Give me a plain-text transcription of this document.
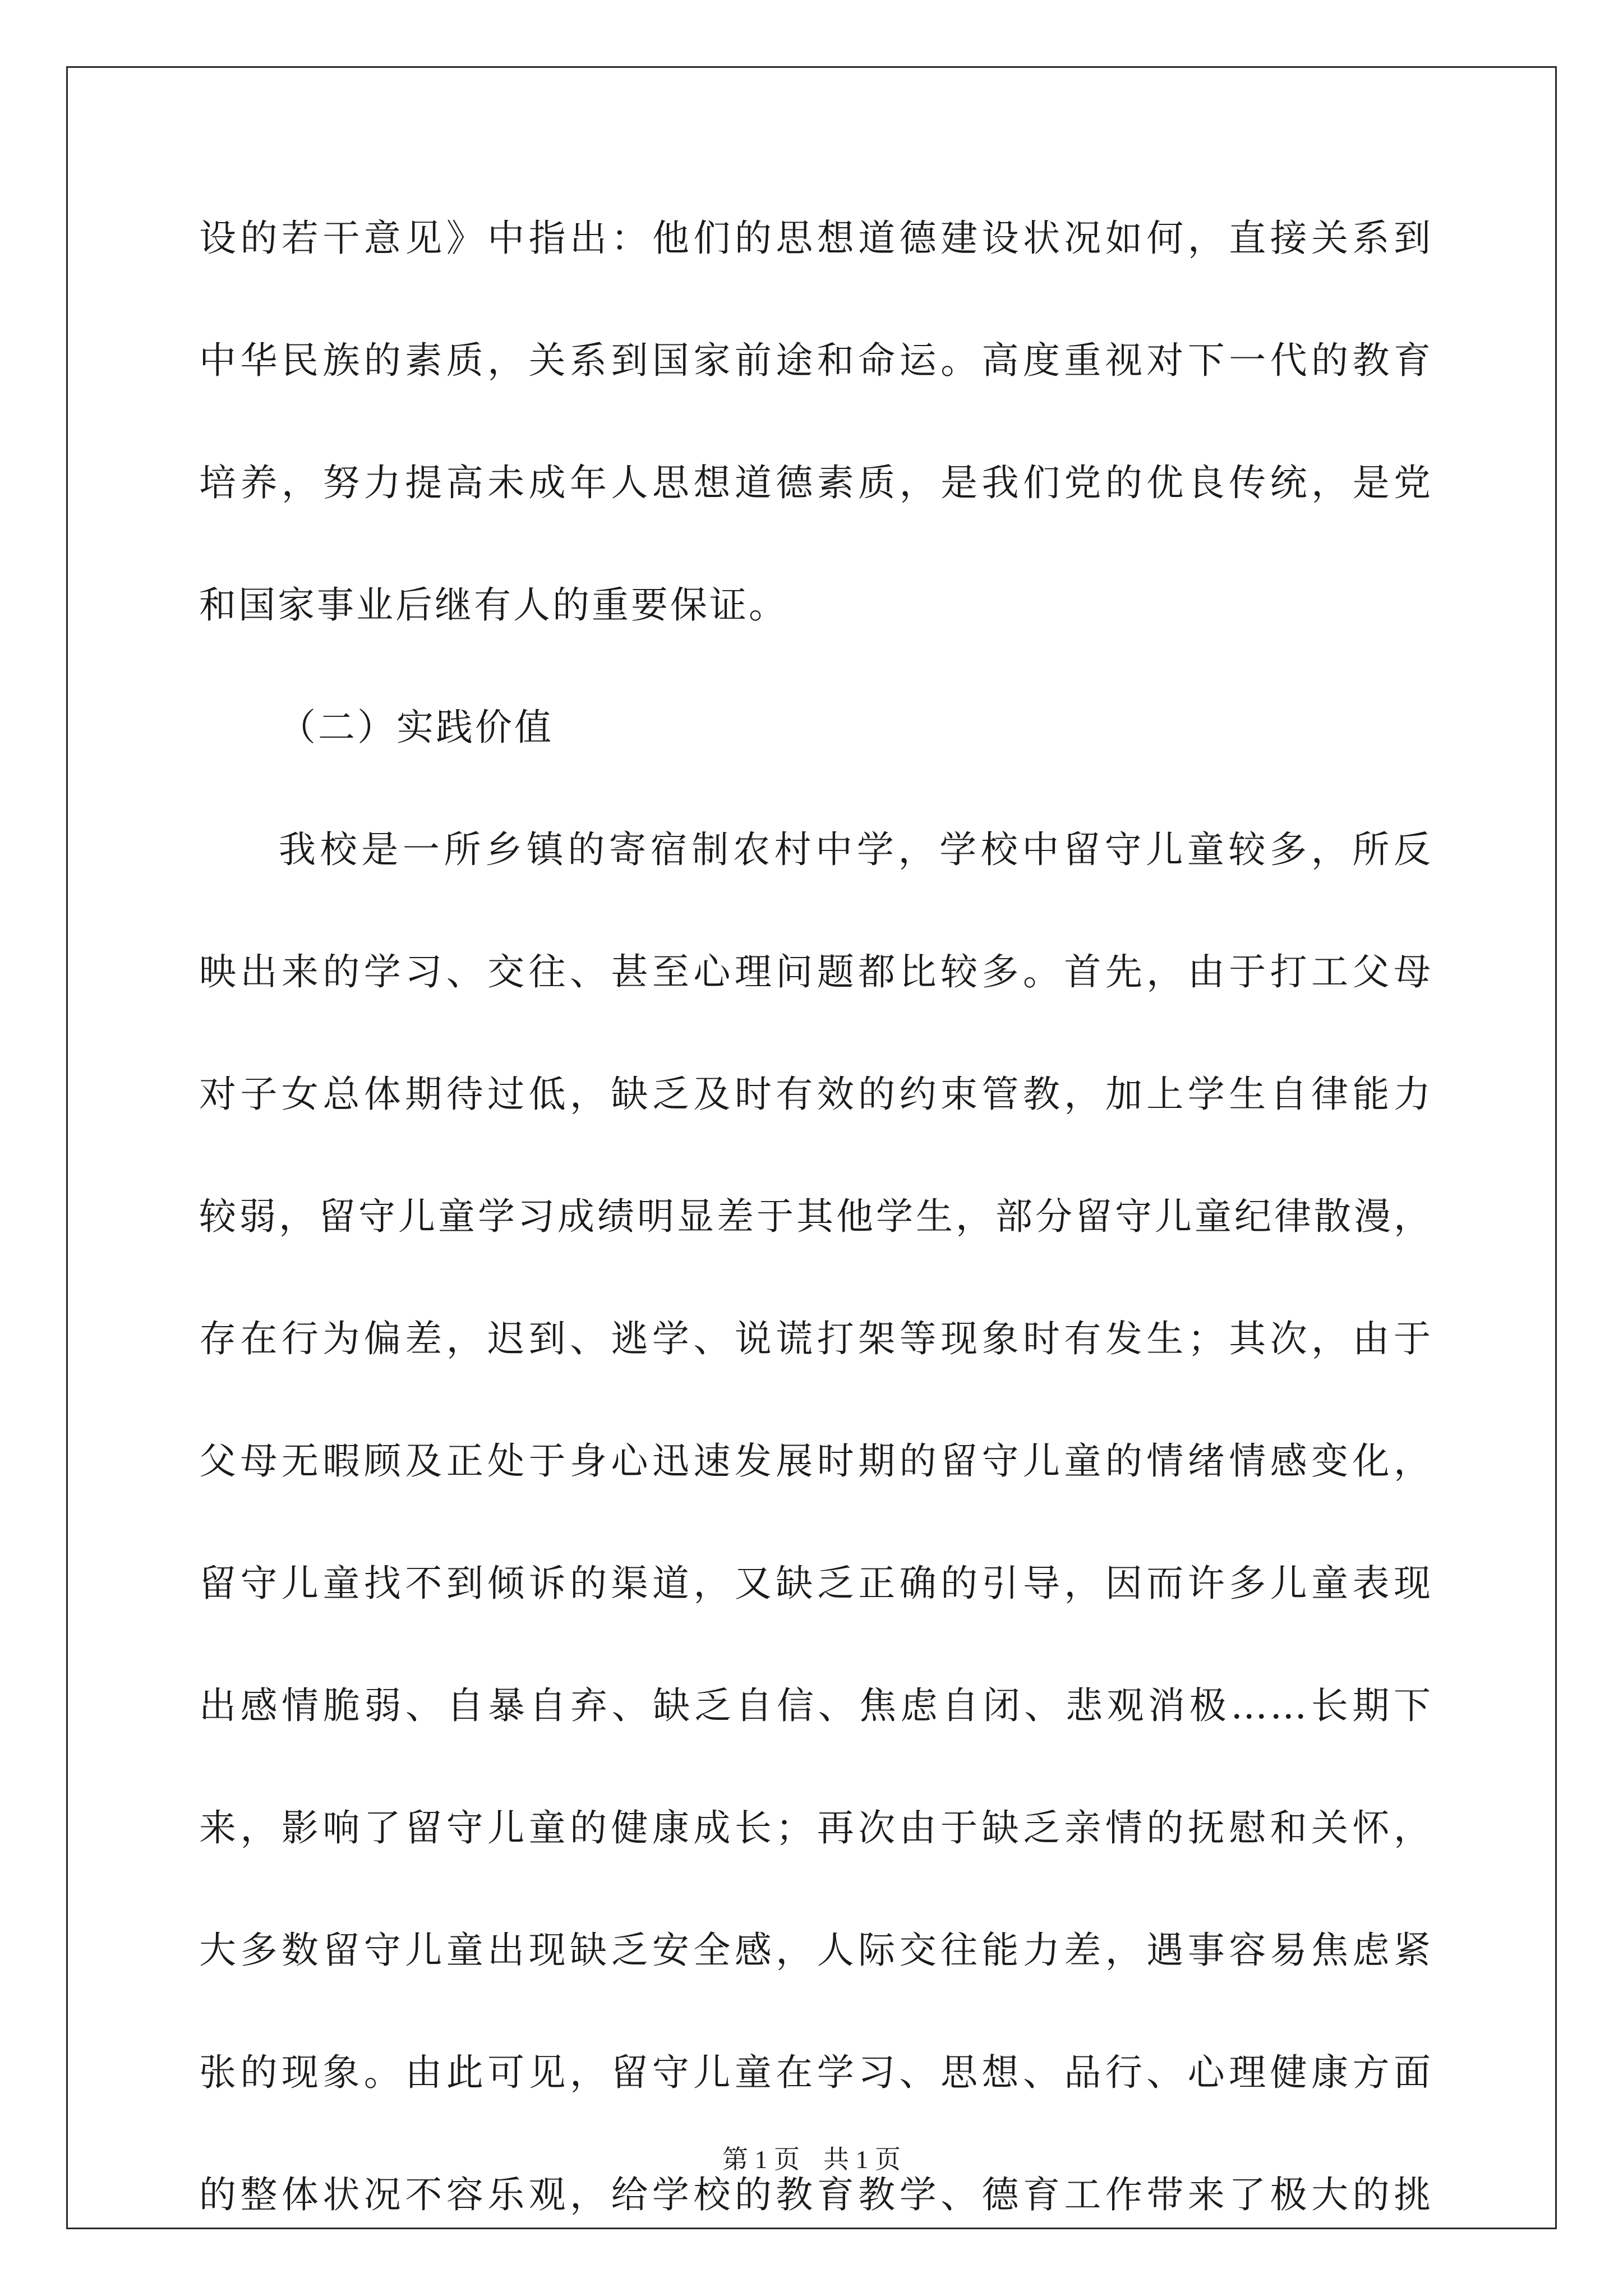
设的若干意见》中指出：他们的思想道德建设状况如何，直接关系到
中华民族的素质，关系到国家前途和命运。高度重视对下一代的教育
培养，努力提高未成年人思想道德素质，是我们党的优良传统，是党
和国家事业后继有人的重要保证。
（二）实践价值
我校是一所乡镇的寄宿制农村中学，学校中留守儿童较多，所反
映出来的学习、交往、甚至心理问题都比较多。首先，由于打工父母
对子女总体期待过低，缺乏及时有效的约束管教，加上学生自律能力
较弱，留守儿童学习成绩明显差于其他学生，部分留守儿童纪律散漫，
存在行为偏差，迟到、逃学、说谎打架等现象时有发生；其次，由于
父母无暇顾及正处于身心迅速发展时期的留守儿童的情绪情感变化，
留守儿童找不到倾诉的渠道，又缺乏正确的引导，因而许多儿童表现
出感情脆弱、自暴自弃、缺乏自信、焦虑自闭、悲观消极……长期下
来，影响了留守儿童的健康成长；再次由于缺乏亲情的抚慰和关怀，
大多数留守儿童出现缺乏安全感，人际交往能力差，遇事容易焦虑紧
张的现象。由此可见，留守儿童在学习、思想、品行、心理健康方面
的整体状况不容乐观，给学校的教育教学、德育工作带来了极大的挑
第 1 页 共 1 页
